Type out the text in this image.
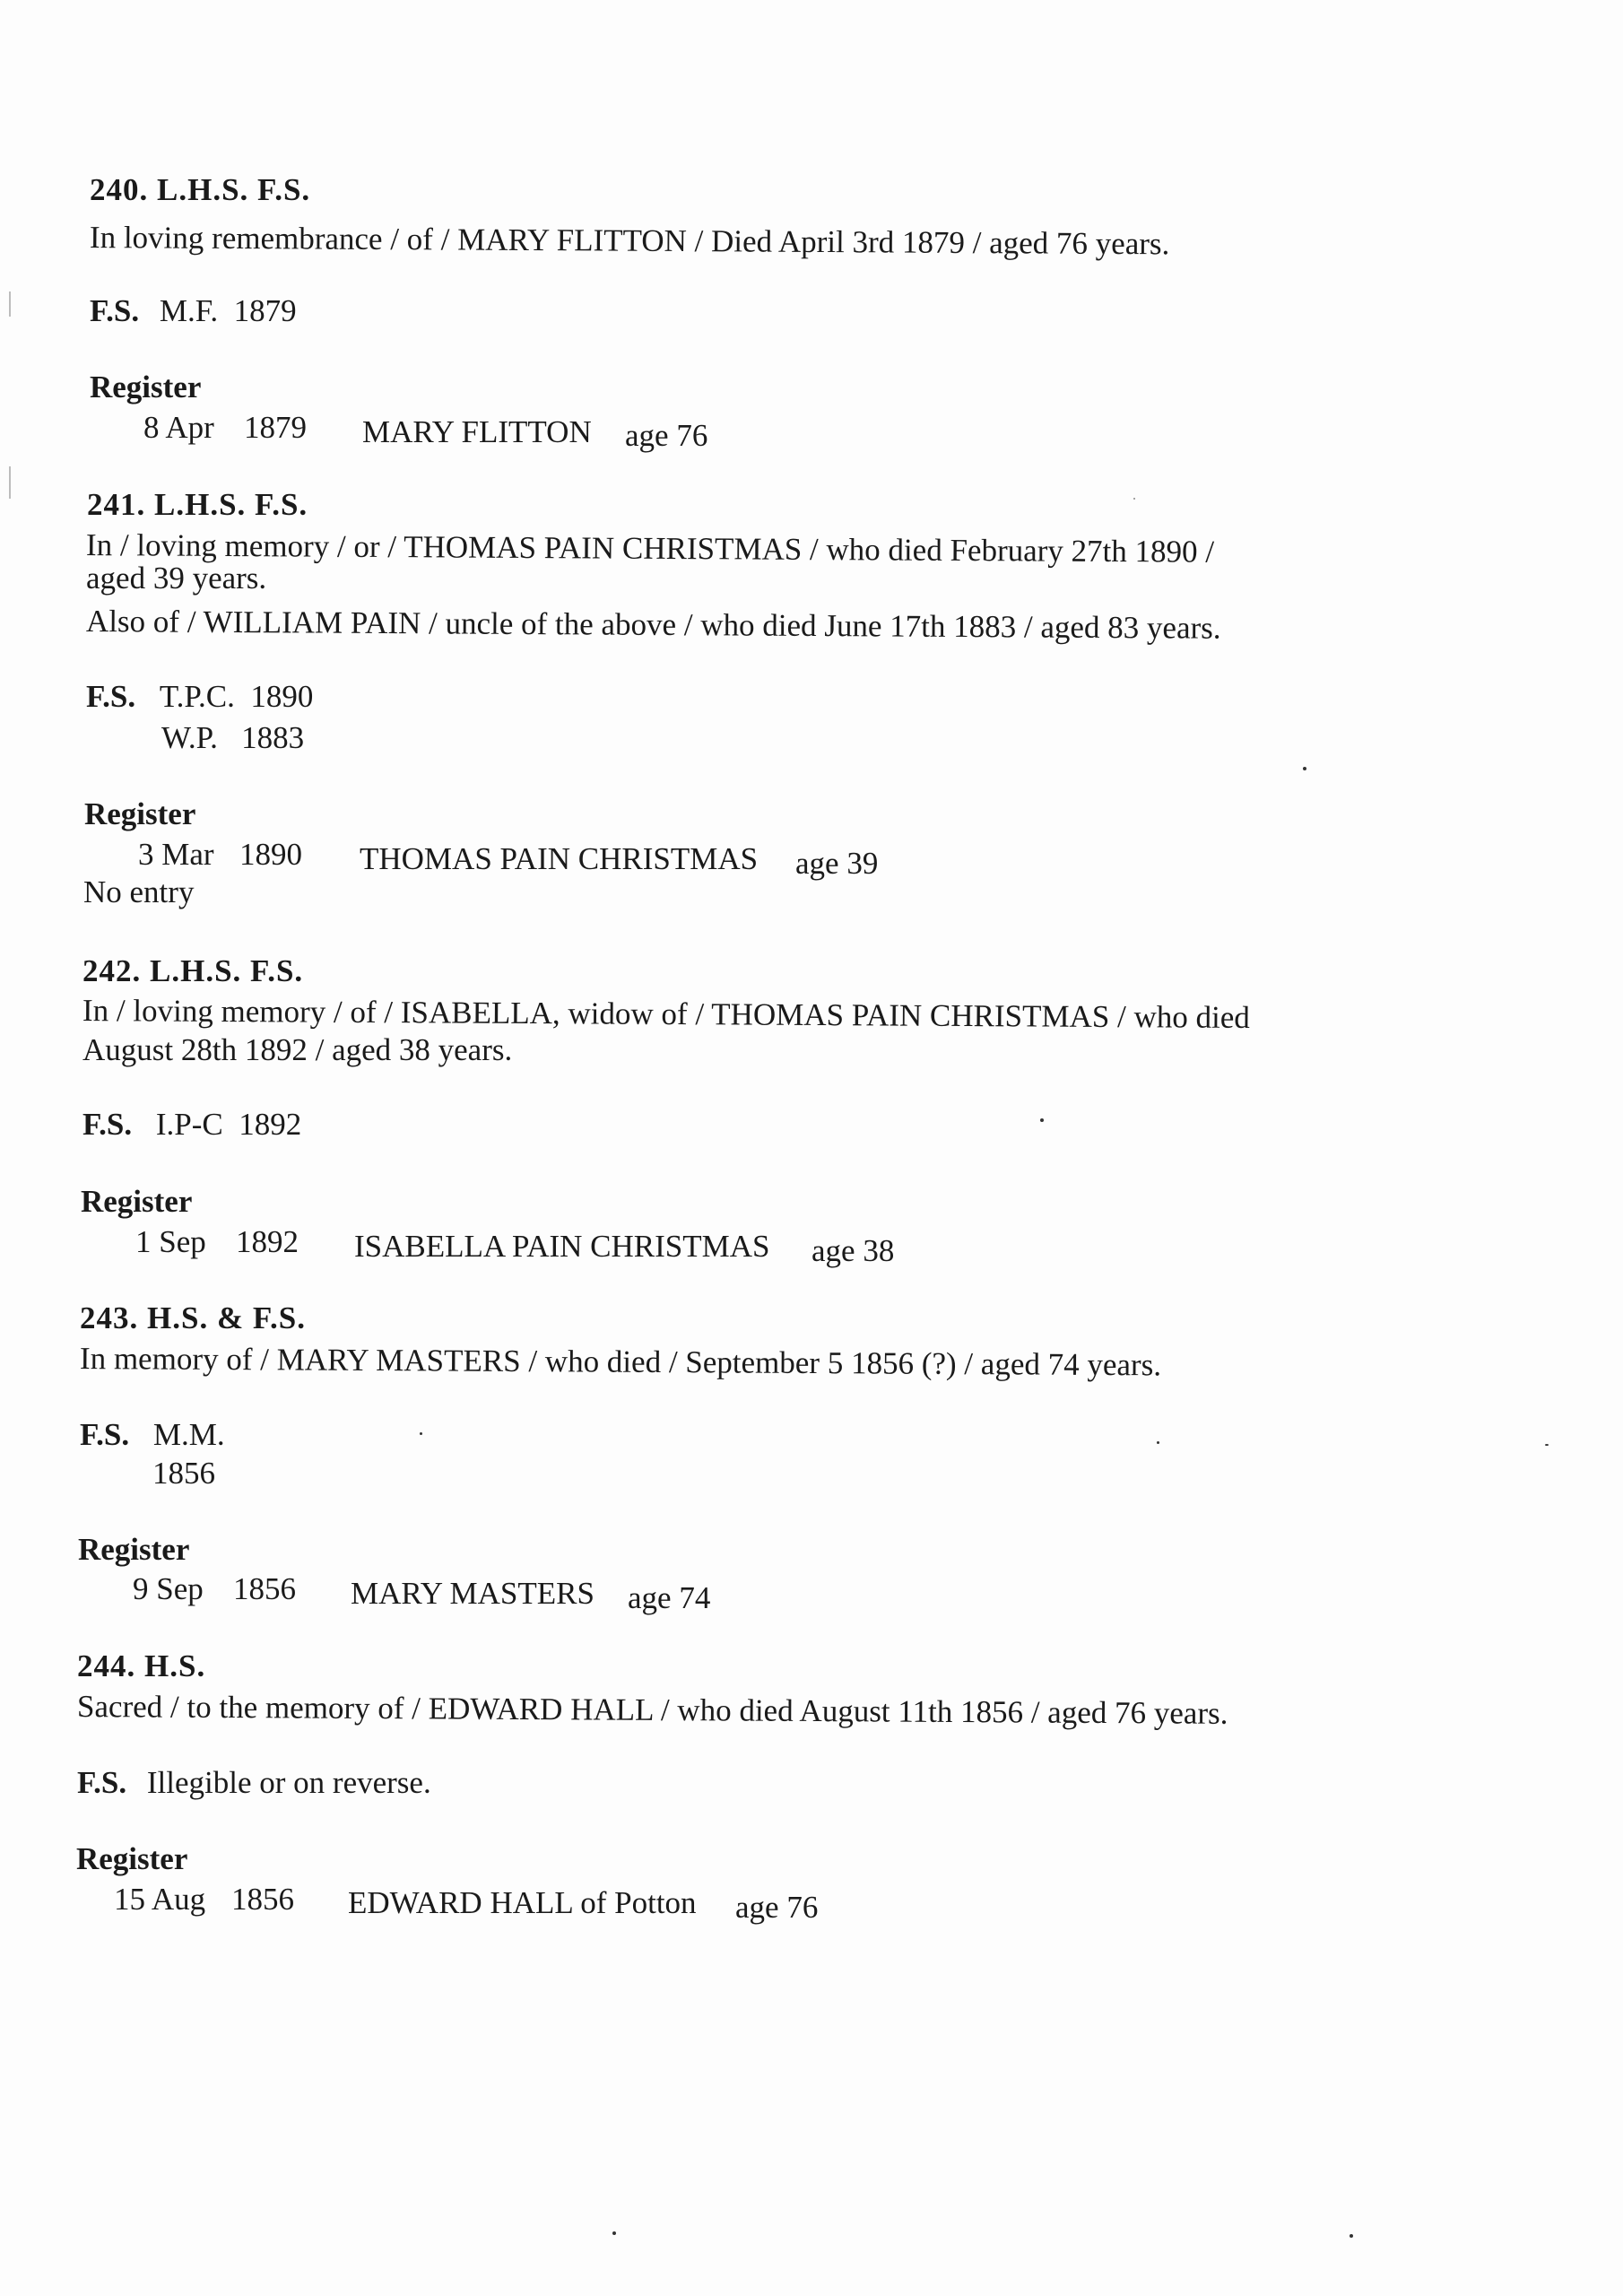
240. L.H.S. F.S.
In loving remembrance / of / MARY FLITTON / Died April 3rd 1879 / aged 76 years.
F.S. M.F.  1879
Register
8 Apr 1879 MARY FLITTON age 76
241. L.H.S. F.S.
In / loving memory / or / THOMAS PAIN CHRISTMAS / who died February 27th 1890 /
aged 39 years.
Also of / WILLIAM PAIN / uncle of the above / who died June 17th 1883 / aged 83 years.
F.S. T.P.C.  1890
W.P.   1883
Register
3 Mar 1890 THOMAS PAIN CHRISTMAS age 39
No entry
242. L.H.S. F.S.
In / loving memory / of / ISABELLA, widow of / THOMAS PAIN CHRISTMAS / who died
August 28th 1892 / aged 38 years.
F.S. I.P-C  1892
Register
1 Sep 1892 ISABELLA PAIN CHRISTMAS age 38
243. H.S. & F.S.
In memory of / MARY MASTERS / who died / September 5 1856 (?) / aged 74 years.
F.S. M.M.
1856
Register
9 Sep 1856 MARY MASTERS age 74
244. H.S.
Sacred / to the memory of / EDWARD HALL / who died August 11th 1856 / aged 76 years.
F.S. Illegible or on reverse.
Register
15 Aug 1856 EDWARD HALL of Potton age 76
